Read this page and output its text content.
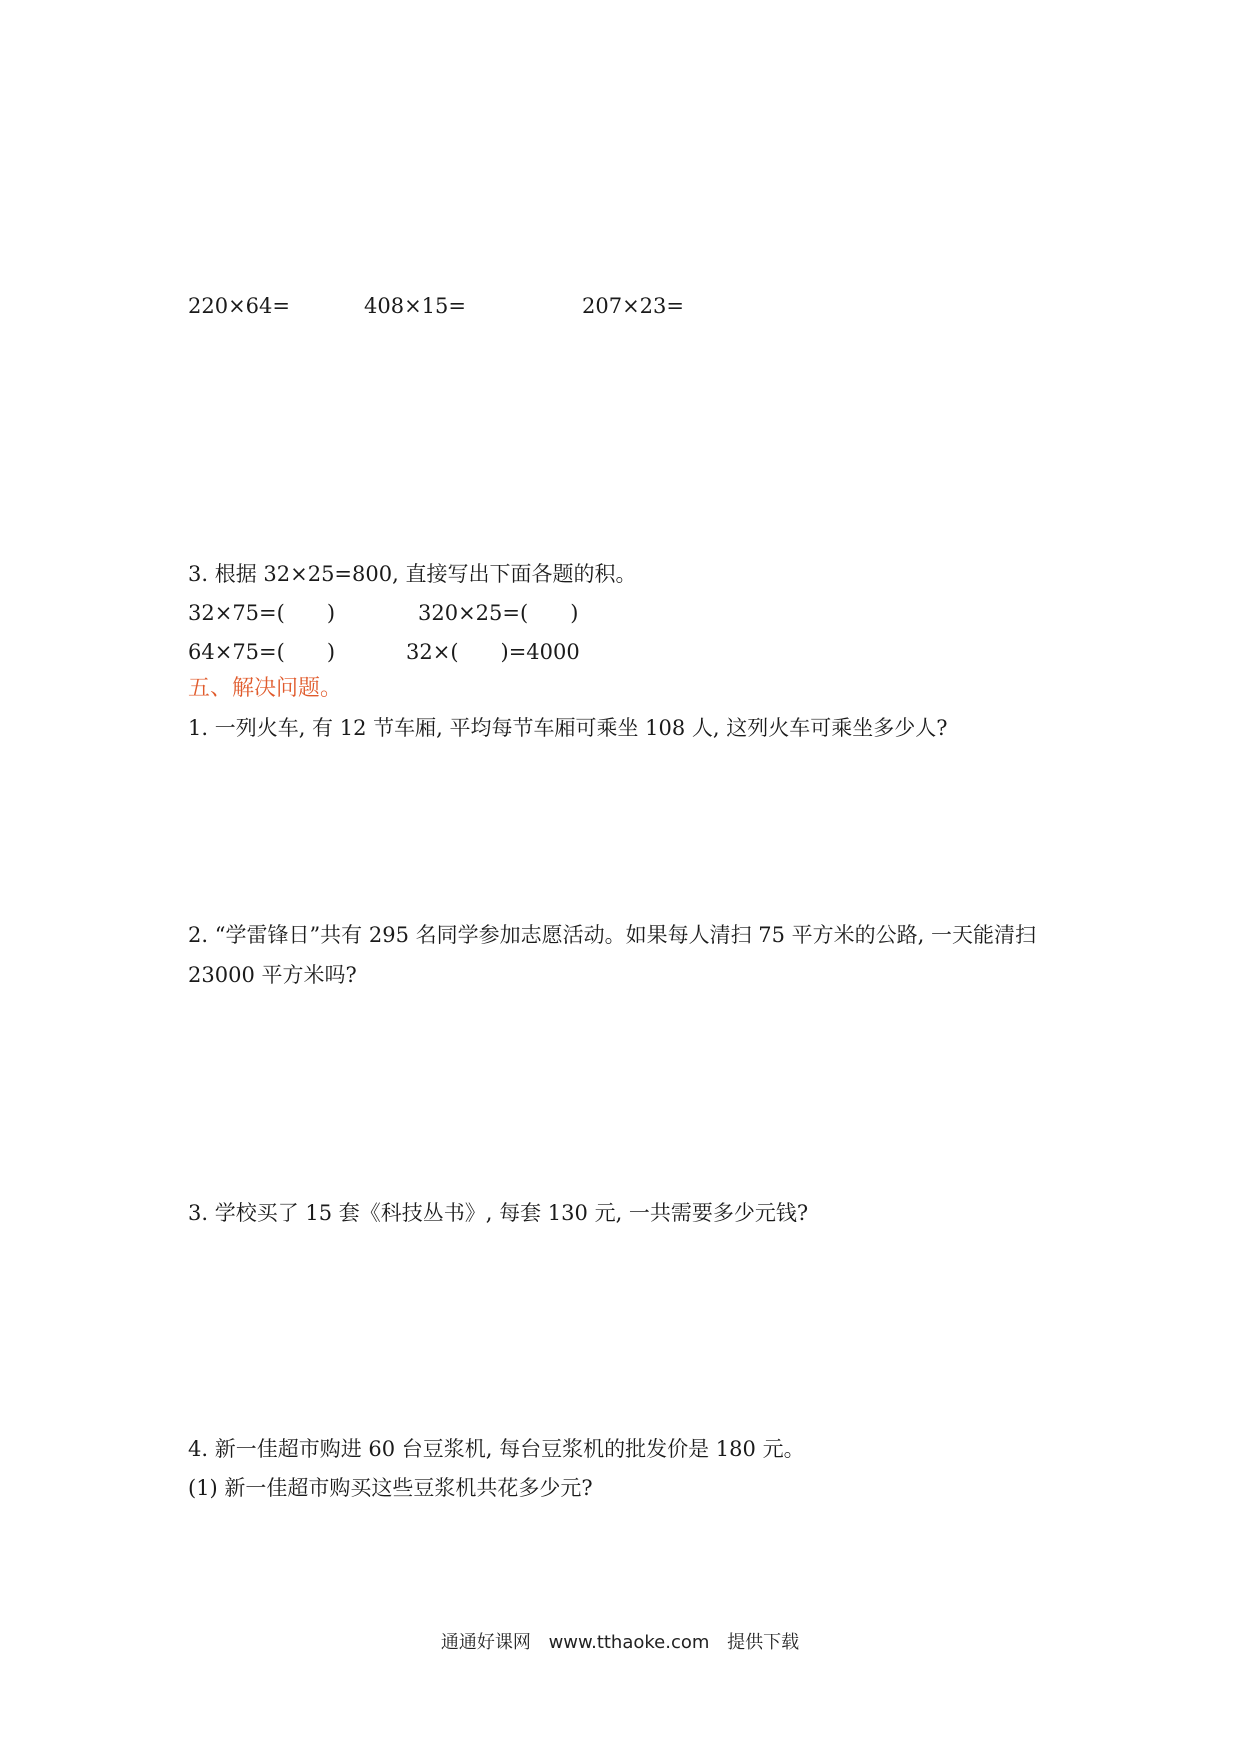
220×64=	408×15=	207×23=
3. 根据 32×25=800, 直接写出下面各题的积。
32×75=(　　)	320×25=(　　)
64×75=(　　)	32×(　　)=4000
五、解决问题。
1. 一列火车, 有 12 节车厢, 平均每节车厢可乘坐 108 人, 这列火车可乘坐多少人?
2. “学雷锋日”共有 295 名同学参加志愿活动。如果每人清扫 75 平方米的公路, 一天能清扫
23000 平方米吗?
3. 学校买了 15 套《科技丛书》, 每套 130 元, 一共需要多少元钱?
4. 新一佳超市购进 60 台豆浆机, 每台豆浆机的批发价是 180 元。
(1) 新一佳超市购买这些豆浆机共花多少元?
通通好课网 www.tthaoke.com 提供下载
